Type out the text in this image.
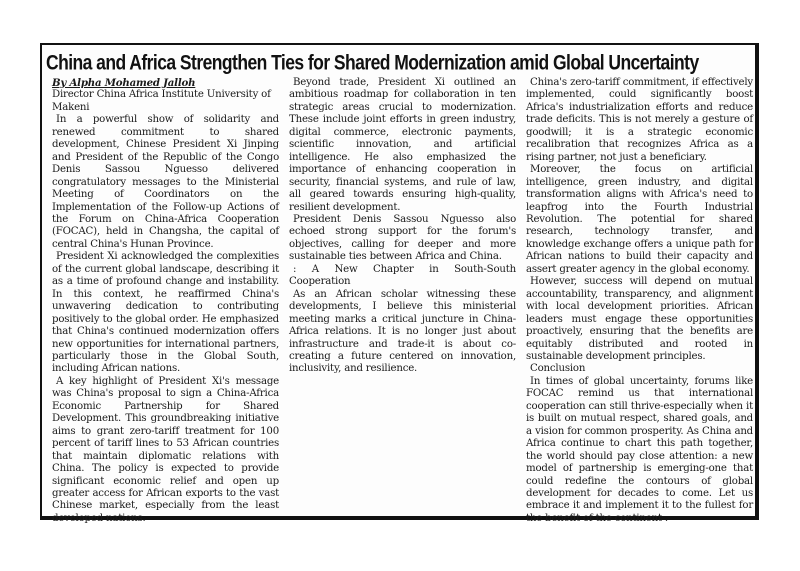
China and Africa Strengthen Ties for Shared Modernization amid Global Uncertainty

By Alpha Mohamed Jalloh

Director China Africa Institute University of Makeni

In a powerful show of solidarity and renewed commitment to shared development, Chinese President Xi Jinping and President of the Republic of the Congo Denis Sassou Nguesso delivered congratulatory messages to the Ministerial Meeting of Coordinators on the Implementation of the Follow-up Actions of the Forum on China-Africa Cooperation (FOCAC), held in Changsha, the capital of central China's Hunan Province.

President Xi acknowledged the complexities of the current global landscape, describing it as a time of profound change and instability. In this context, he reaffirmed China's unwavering dedication to contributing positively to the global order. He emphasized that China's continued modernization offers new opportunities for international partners, particularly those in the Global South, including African nations.

A key highlight of President Xi's message was China's proposal to sign a China-Africa Economic Partnership for Shared Development. This groundbreaking initiative aims to grant zero-tariff treatment for 100 percent of tariff lines to 53 African countries that maintain diplomatic relations with China. The policy is expected to provide significant economic relief and open up greater access for African exports to the vast Chinese market, especially from the least developed nations.

Beyond trade, President Xi outlined an ambitious roadmap for collaboration in ten strategic areas crucial to modernization. These include joint efforts in green industry, digital commerce, electronic payments, scientific innovation, and artificial intelligence. He also emphasized the importance of enhancing cooperation in security, financial systems, and rule of law, all geared towards ensuring high-quality, resilient development.

President Denis Sassou Nguesso also echoed strong support for the forum's objectives, calling for deeper and more sustainable ties between Africa and China.

: A New Chapter in South-South Cooperation

As an African scholar witnessing these developments, I believe this ministerial meeting marks a critical juncture in China-Africa relations. It is no longer just about infrastructure and trade-it is about co-creating a future centered on innovation, inclusivity, and resilience.

China's zero-tariff commitment, if effectively implemented, could significantly boost Africa's industrialization efforts and reduce trade deficits. This is not merely a gesture of goodwill; it is a strategic economic recalibration that recognizes Africa as a rising partner, not just a beneficiary.

Moreover, the focus on artificial intelligence, green industry, and digital transformation aligns with Africa's need to leapfrog into the Fourth Industrial Revolution. The potential for shared research, technology transfer, and knowledge exchange offers a unique path for African nations to build their capacity and assert greater agency in the global economy.

However, success will depend on mutual accountability, transparency, and alignment with local development priorities. African leaders must engage these opportunities proactively, ensuring that the benefits are equitably distributed and rooted in sustainable development principles.

Conclusion

In times of global uncertainty, forums like FOCAC remind us that international cooperation can still thrive-especially when it is built on mutual respect, shared goals, and a vision for common prosperity. As China and Africa continue to chart this path together, the world should pay close attention: a new model of partnership is emerging-one that could redefine the contours of global development for decades to come. Let us embrace it and implement it to the fullest for the benefit of the continent .
